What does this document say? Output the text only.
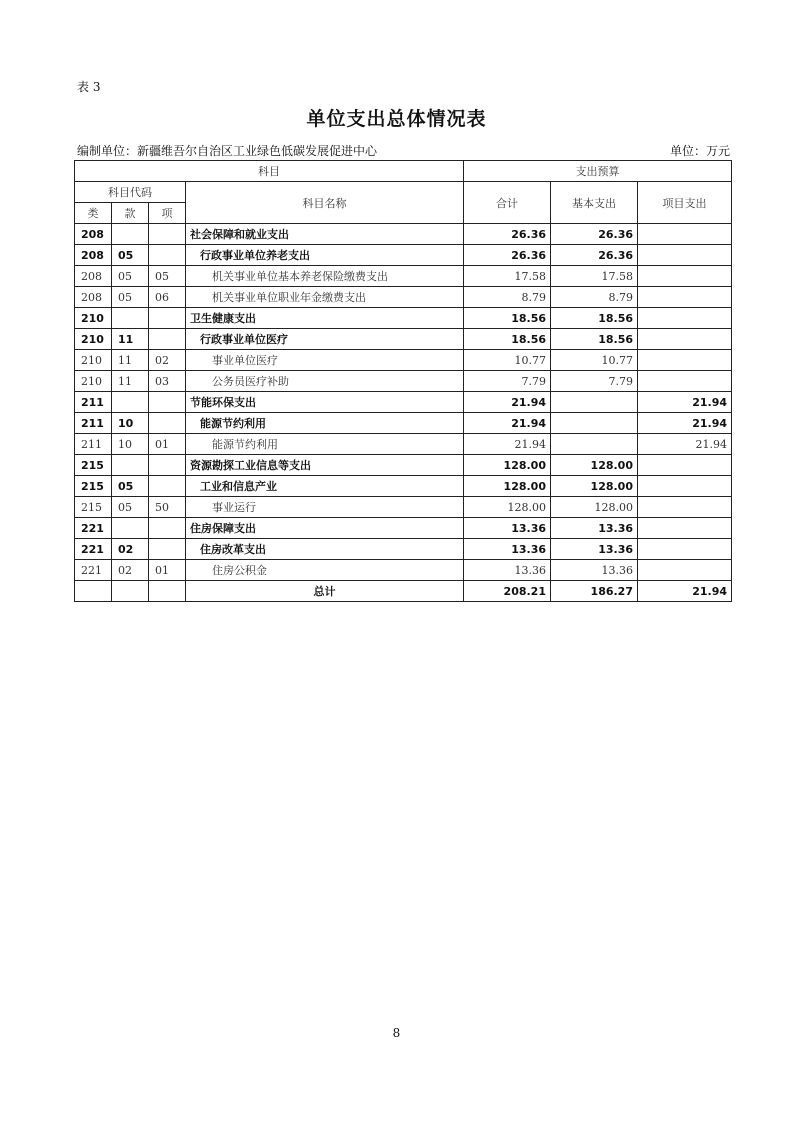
表 3
单位支出总体情况表
编制单位：新疆维吾尔自治区工业绿色低碳发展促进中心	单位：万元
科目				支出预算		
科目代码			科目名称	合计	基本支出	项目支出
类	款	项				
208			社会保障和就业支出	26.36	26.36	
208	05		行政事业单位养老支出	26.36	26.36	
208	05	05	机关事业单位基本养老保险缴费支出	17.58	17.58	
208	05	06	机关事业单位职业年金缴费支出	8.79	8.79	
210			卫生健康支出	18.56	18.56	
210	11		行政事业单位医疗	18.56	18.56	
210	11	02	事业单位医疗	10.77	10.77	
210	11	03	公务员医疗补助	7.79	7.79	
211			节能环保支出	21.94		21.94
211	10		能源节约利用	21.94		21.94
211	10	01	能源节约利用	21.94		21.94
215			资源勘探工业信息等支出	128.00	128.00	
215	05		工业和信息产业	128.00	128.00	
215	05	50	事业运行	128.00	128.00	
221			住房保障支出	13.36	13.36	
221	02		住房改革支出	13.36	13.36	
221	02	01	住房公积金	13.36	13.36	
			总计	208.21	186.27	21.94
8
